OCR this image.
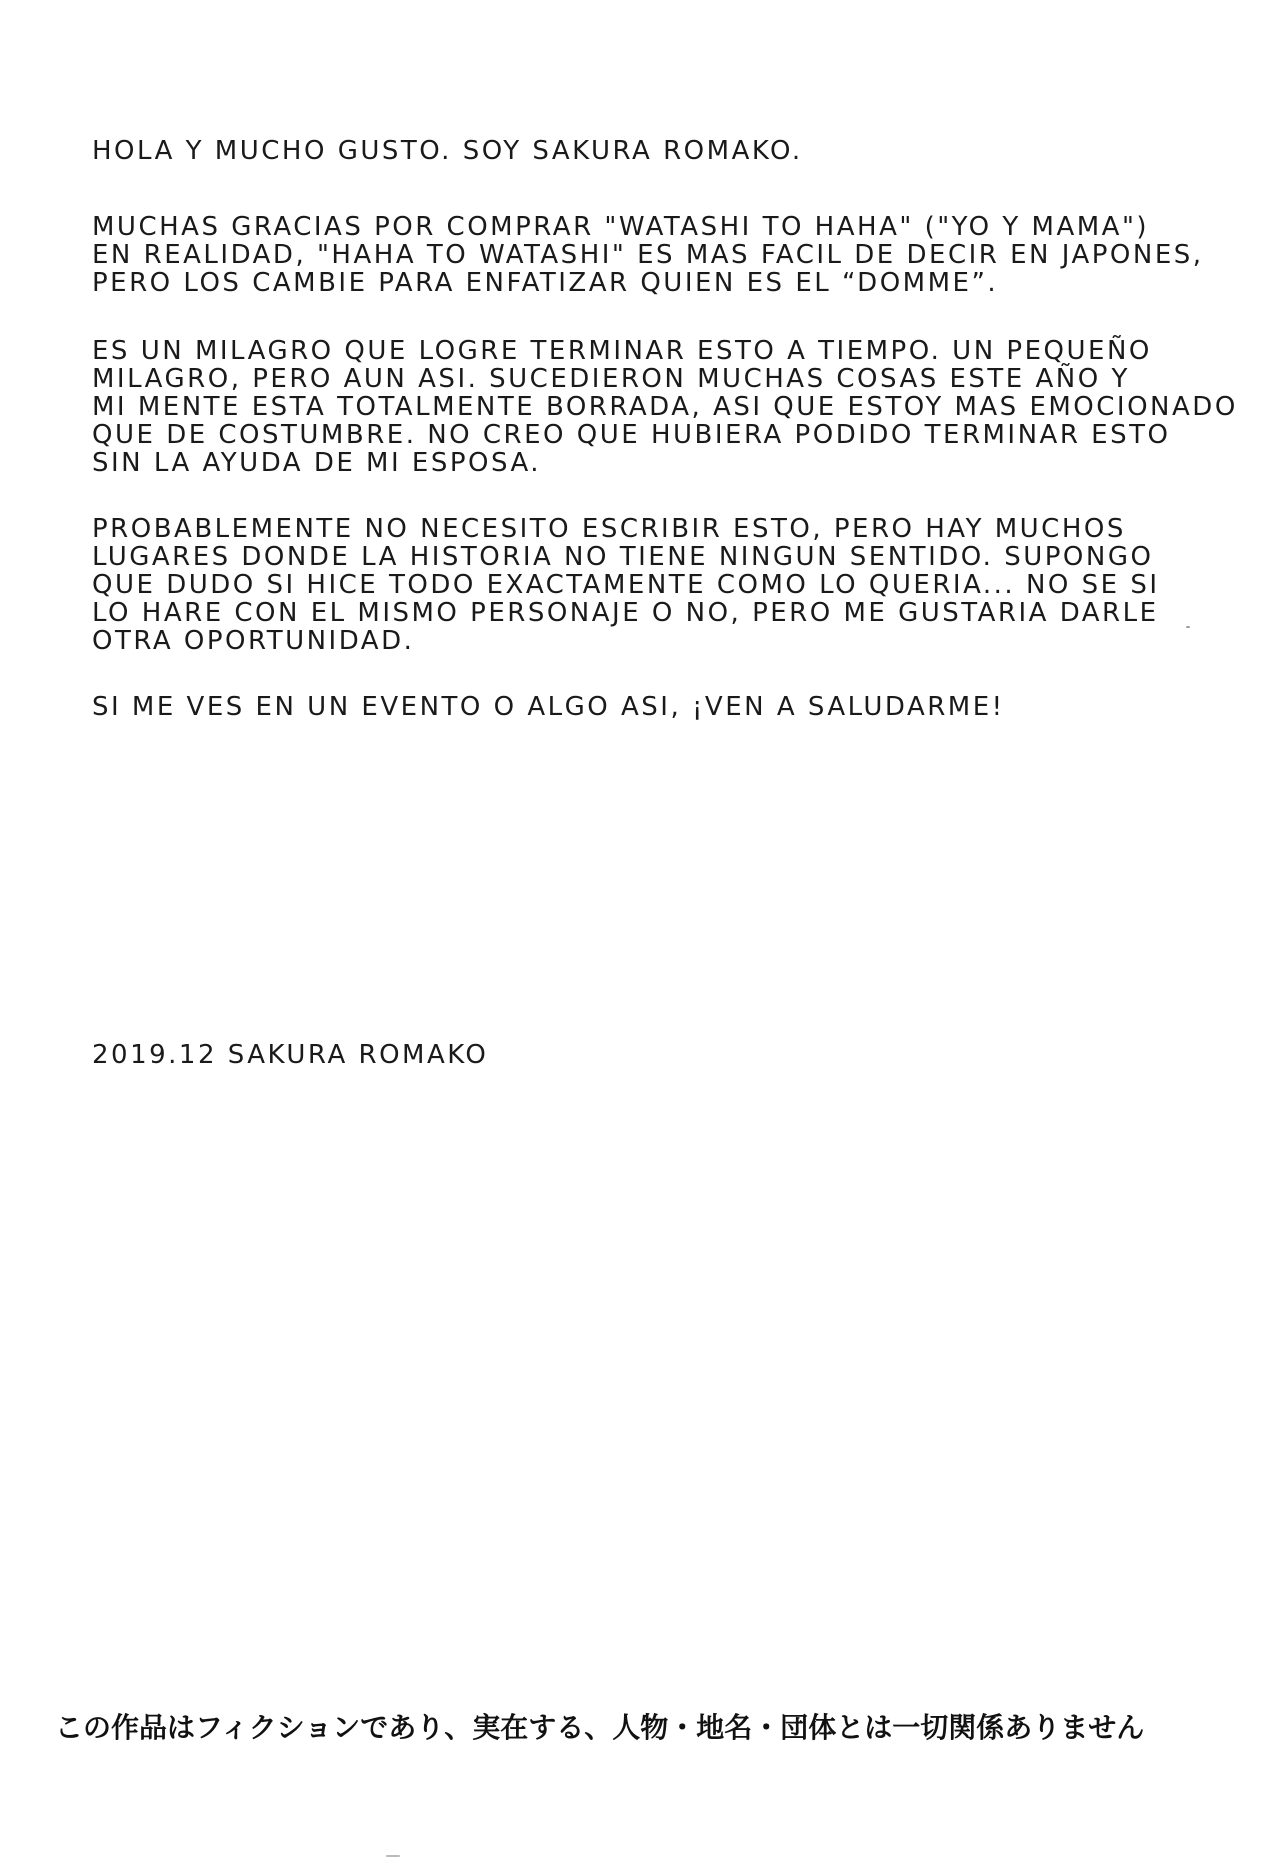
HOLA Y MUCHO GUSTO. SOY SAKURA ROMAKO.
MUCHAS GRACIAS POR COMPRAR "WATASHI TO HAHA" ("YO Y MAMA")
EN REALIDAD, "HAHA TO WATASHI" ES MAS FACIL DE DECIR EN JAPONES,
PERO LOS CAMBIE PARA ENFATIZAR QUIEN ES EL “DOMME”.
ES UN MILAGRO QUE LOGRE TERMINAR ESTO A TIEMPO. UN PEQUEÑO
MILAGRO, PERO AUN ASI. SUCEDIERON MUCHAS COSAS ESTE AÑO Y
MI MENTE ESTA TOTALMENTE BORRADA, ASI QUE ESTOY MAS EMOCIONADO
QUE DE COSTUMBRE. NO CREO QUE HUBIERA PODIDO TERMINAR ESTO
SIN LA AYUDA DE MI ESPOSA.
PROBABLEMENTE NO NECESITO ESCRIBIR ESTO, PERO HAY MUCHOS
LUGARES DONDE LA HISTORIA NO TIENE NINGUN SENTIDO. SUPONGO
QUE DUDO SI HICE TODO EXACTAMENTE COMO LO QUERIA... NO SE SI
LO HARE CON EL MISMO PERSONAJE O NO, PERO ME GUSTARIA DARLE
OTRA OPORTUNIDAD.
SI ME VES EN UN EVENTO O ALGO ASI, ¡VEN A SALUDARME!
2019.12 SAKURA ROMAKO
この作品はフィクションであり、実在する、人物・地名・団体とは一切関係ありません
